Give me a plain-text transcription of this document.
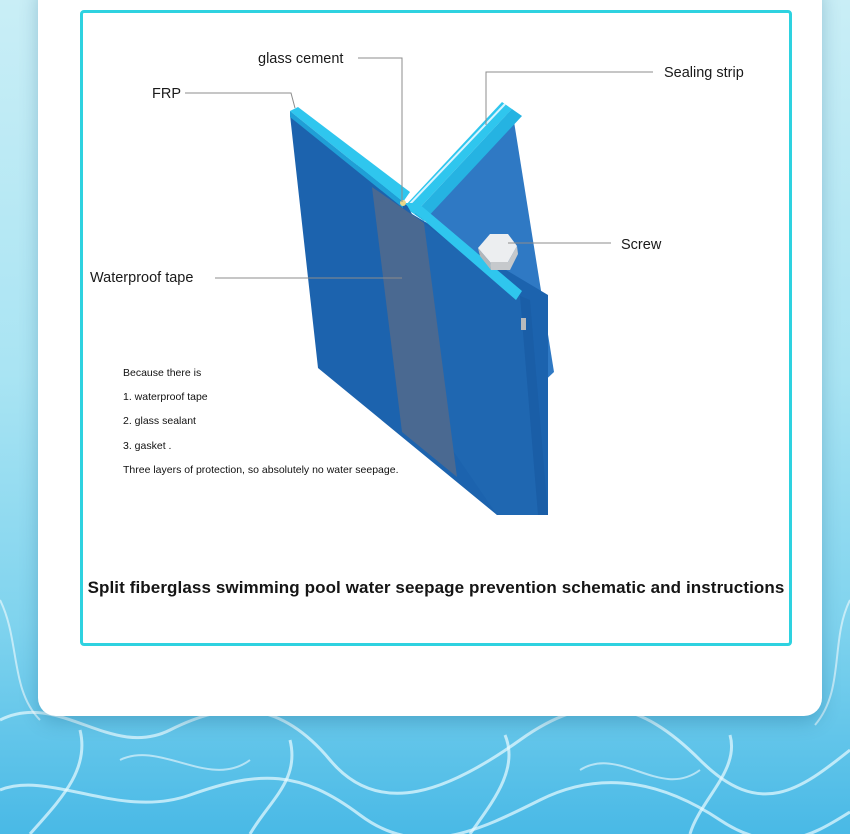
glass cement
Sealing strip
FRP
Screw
Waterproof tape
Because there is
1. waterproof tape
2. glass sealant
3. gasket .
Three layers of protection, so absolutely no water seepage.
Split fiberglass swimming pool water seepage prevention schematic and instructions
